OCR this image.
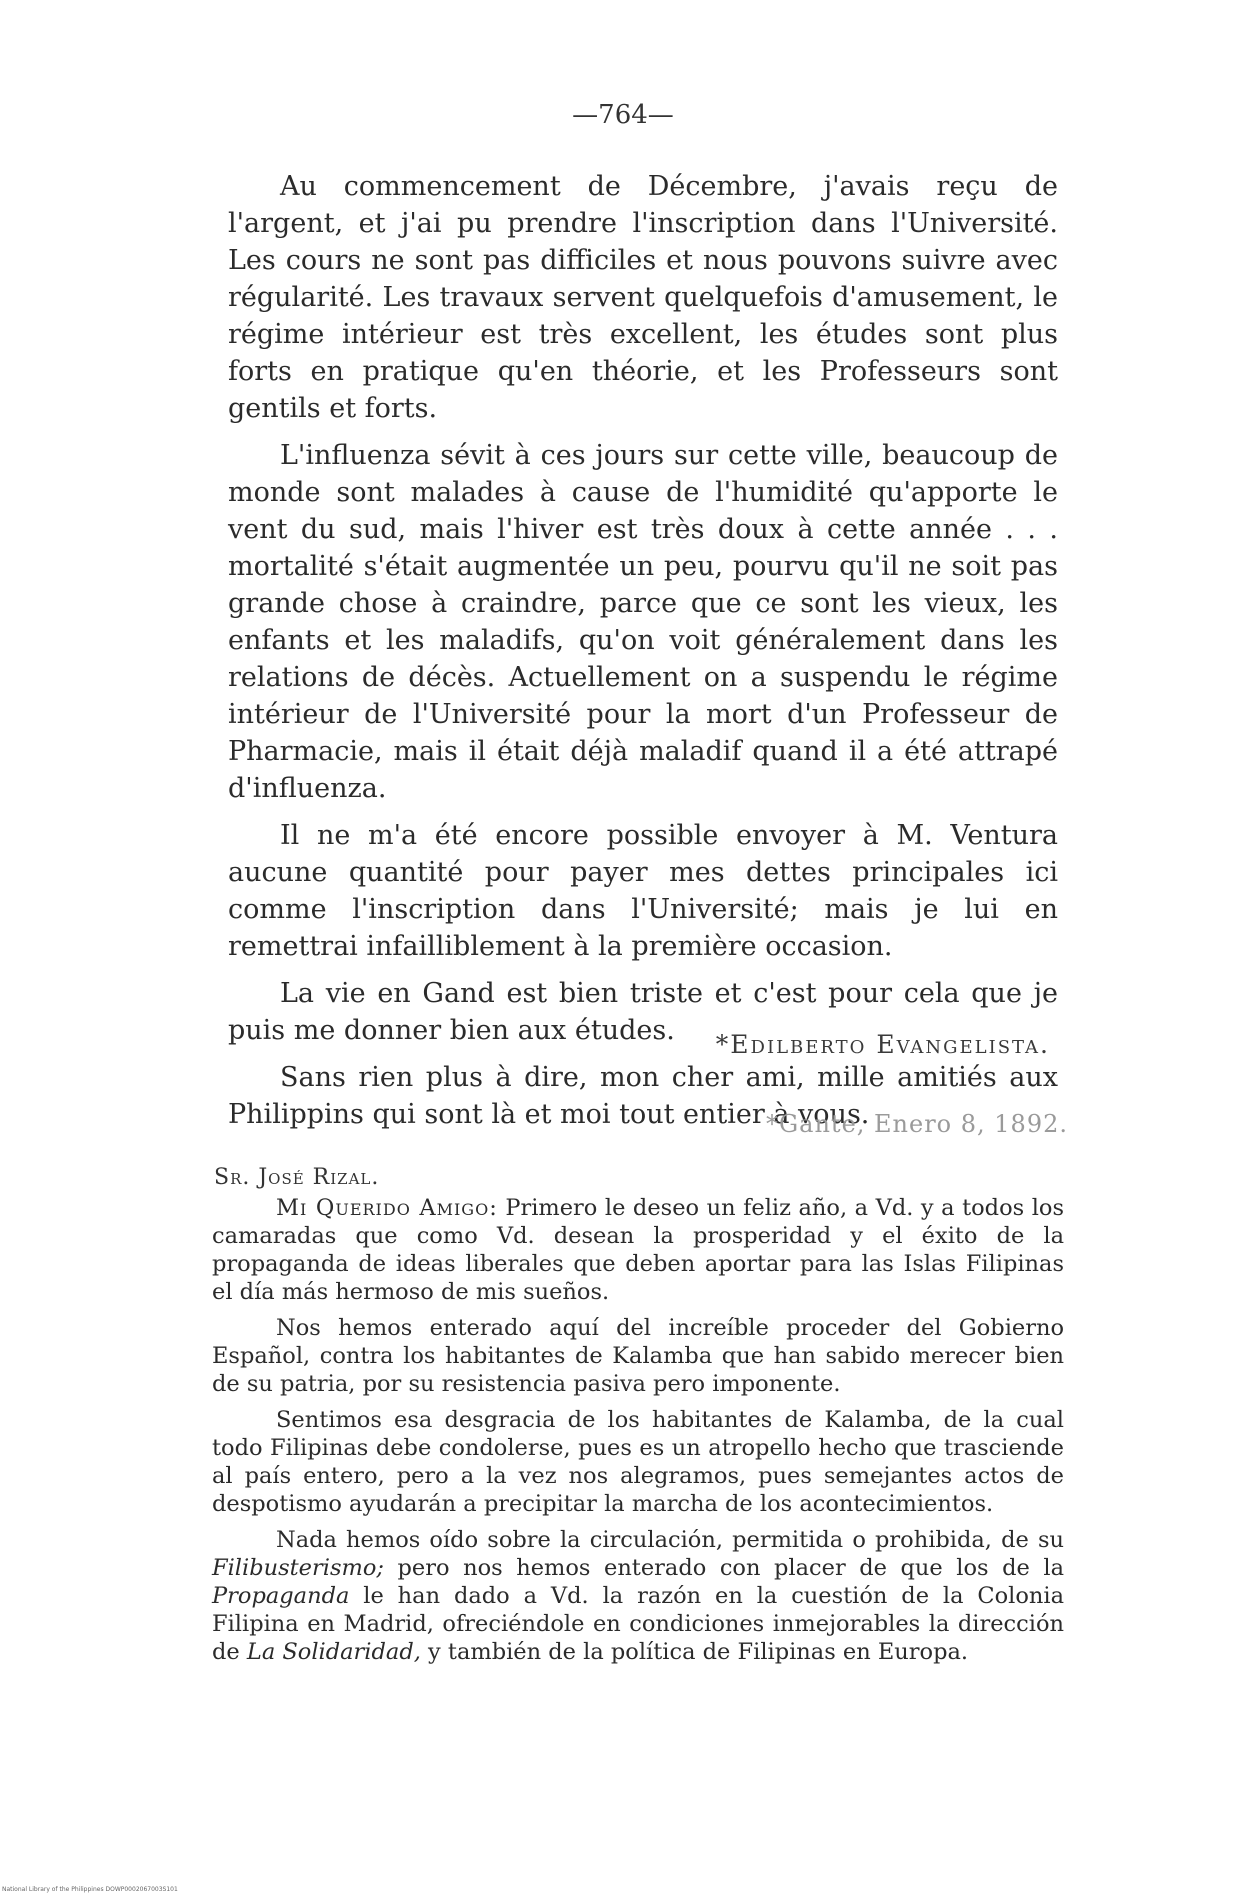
—764—

Au commencement de Décembre, j'avais reçu de l'argent, et j'ai pu prendre l'inscription dans l'Université. Les cours ne sont pas difficiles et nous pouvons suivre avec régularité. Les travaux servent quelquefois d'amusement, le régime intérieur est très excellent, les études sont plus forts en pratique qu'en théorie, et les Professeurs sont gentils et forts.

L'influenza sévit à ces jours sur cette ville, beaucoup de monde sont malades à cause de l'humidité qu'apporte le vent du sud, mais l'hiver est très doux à cette année . . . mortalité s'était augmentée un peu, pourvu qu'il ne soit pas grande chose à craindre, parce que ce sont les vieux, les enfants et les maladifs, qu'on voit généralement dans les relations de décès. Actuellement on a suspendu le régime intérieur de l'Université pour la mort d'un Professeur de Pharmacie, mais il était déjà maladif quand il a été attrapé d'influenza.

Il ne m'a été encore possible envoyer à M. Ventura aucune quantité pour payer mes dettes principales ici comme l'inscription dans l'Université; mais je lui en remettrai infailliblement à la première occasion.

La vie en Gand est bien triste et c'est pour cela que je puis me donner bien aux études.

Sans rien plus à dire, mon cher ami, mille amitiés aux Philippins qui sont là et moi tout entier à vous.

*Edilberto Evangelista.
*Gante, Enero 8, 1892.
Sr. José Rizal.

Mi Querido Amigo: Primero le deseo un feliz año, a Vd. y a todos los camaradas que como Vd. desean la prosperidad y el éxito de la propaganda de ideas liberales que deben aportar para las Islas Filipinas el día más hermoso de mis sueños.

Nos hemos enterado aquí del increíble proceder del Gobierno Español, contra los habitantes de Kalamba que han sabido merecer bien de su patria, por su resistencia pasiva pero imponente.

Sentimos esa desgracia de los habitantes de Kalamba, de la cual todo Filipinas debe condolerse, pues es un atropello hecho que trasciende al país entero, pero a la vez nos alegramos, pues semejantes actos de despotismo ayudarán a precipitar la marcha de los acontecimientos.

Nada hemos oído sobre la circulación, permitida o prohibida, de su Filibusterismo; pero nos hemos enterado con placer de que los de la Propaganda le han dado a Vd. la razón en la cuestión de la Colonia Filipina en Madrid, ofreciéndole en condiciones inmejorables la dirección de La Solidaridad, y también de la política de Filipinas en Europa.

National Library of the Philippines DOWP0002067003S101
